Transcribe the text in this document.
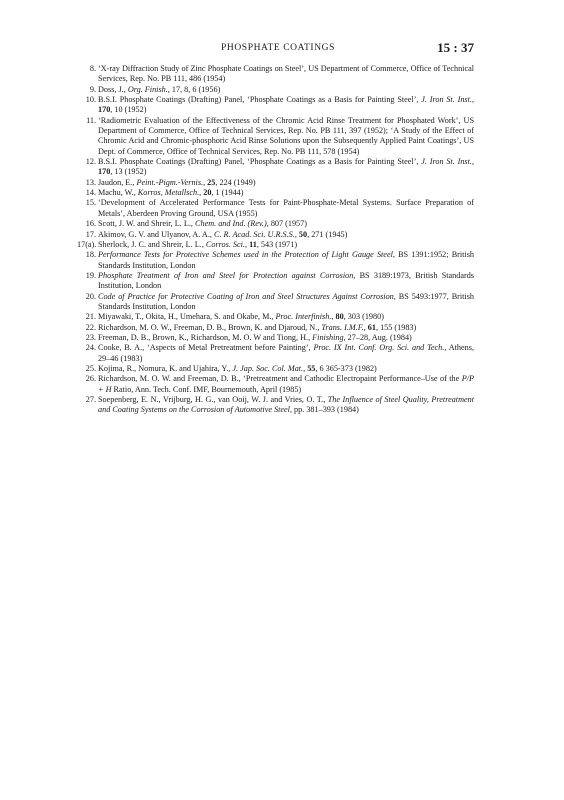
PHOSPHATE COATINGS	15 : 37
8. ‘X-ray Diffraction Study of Zinc Phosphate Coatings on Steel’, US Department of Commerce, Office of Technical Services, Rep. No. PB 111, 486 (1954)
9. Doss, J., Org. Finish., 17, 8, 6 (1956)
10. B.S.I. Phosphate Coatings (Drafting) Panel, ‘Phosphate Coatings as a Basis for Painting Steel’, J. Iron St. Inst., 170, 10 (1952)
11. ‘Radiometric Evaluation of the Effectiveness of the Chromic Acid Rinse Treatment for Phosphated Work’, US Department of Commerce, Office of Technical Services, Rep. No. PB 111, 397 (1952); ‘A Study of the Effect of Chromic Acid and Chromic-phosphoric Acid Rinse Solutions upon the Subsequently Applied Paint Coatings’, US Dept. of Commerce, Office of Technical Services, Rep. No. PB 111, 578 (1954)
12. B.S.I. Phosphate Coatings (Drafting) Panel, ‘Phosphate Coatings as a Basis for Painting Steel’, J. Iron St. Inst., 170, 13 (1952)
13. Jaudon, E., Peint.-Pigm.-Vernis., 25, 224 (1949)
14. Machu, W., Korros, Metallsch., 20, 1 (1944)
15. ‘Development of Accelerated Performance Tests for Paint-Phosphate-Metal Systems. Surface Preparation of Metals’, Aberdeen Proving Ground, USA (1955)
16. Scott, J. W. and Shreir, L. L., Chem. and Ind. (Rev.), 807 (1957)
17. Akimov, G. V. and Ulyanov, A. A., C. R. Acad. Sci. U.R.S.S., 50, 271 (1945)
17(a). Sherlock, J. C. and Shreir, L. L., Corros. Sci., 11, 543 (1971)
18. Performance Tests for Protective Schemes used in the Protection of Light Gauge Steel, BS 1391:1952; British Standards Institution, London
19. Phosphate Treatment of Iron and Steel for Protection against Corrosion, BS 3189:1973, British Standards Institution, London
20. Code of Practice for Protective Coating of Iron and Steel Structures Against Corrosion, BS 5493:1977, British Standards Institution, London
21. Miyawaki, T., Okita, H., Umehara, S. and Okabe, M., Proc. Interfinish., 80, 303 (1980)
22. Richardson, M. O. W., Freeman, D. B., Brown, K. and Djaroud, N., Trans. I.M.F., 61, 155 (1983)
23. Freeman, D. B., Brown, K., Richardson, M. O. W and Tiong, H., Finishing, 27–28, Aug. (1984)
24. Cooke, B. A., ‘Aspects of Metal Pretreatment before Painting’, Proc. IX Int. Conf. Org. Sci. and Tech., Athens, 29–46 (1983)
25. Kojima, R., Nomura, K. and Ujahira, Y., J. Jap. Soc. Col. Mat., 55, 6 365-373 (1982)
26. Richardson, M. O. W. and Freeman, D. B., ‘Pretreatment and Cathodic Electropaint Performance–Use of the P/P + H Ratio, Ann. Tech. Conf. IMF, Bournemouth, April (1985)
27. Soepenberg, E. N., Vrijburg, H. G., van Ooij, W. J. and Vries, O. T., The Influence of Steel Quality, Pretreatment and Coating Systems on the Corrosion of Automotive Steel, pp. 381–393 (1984)
